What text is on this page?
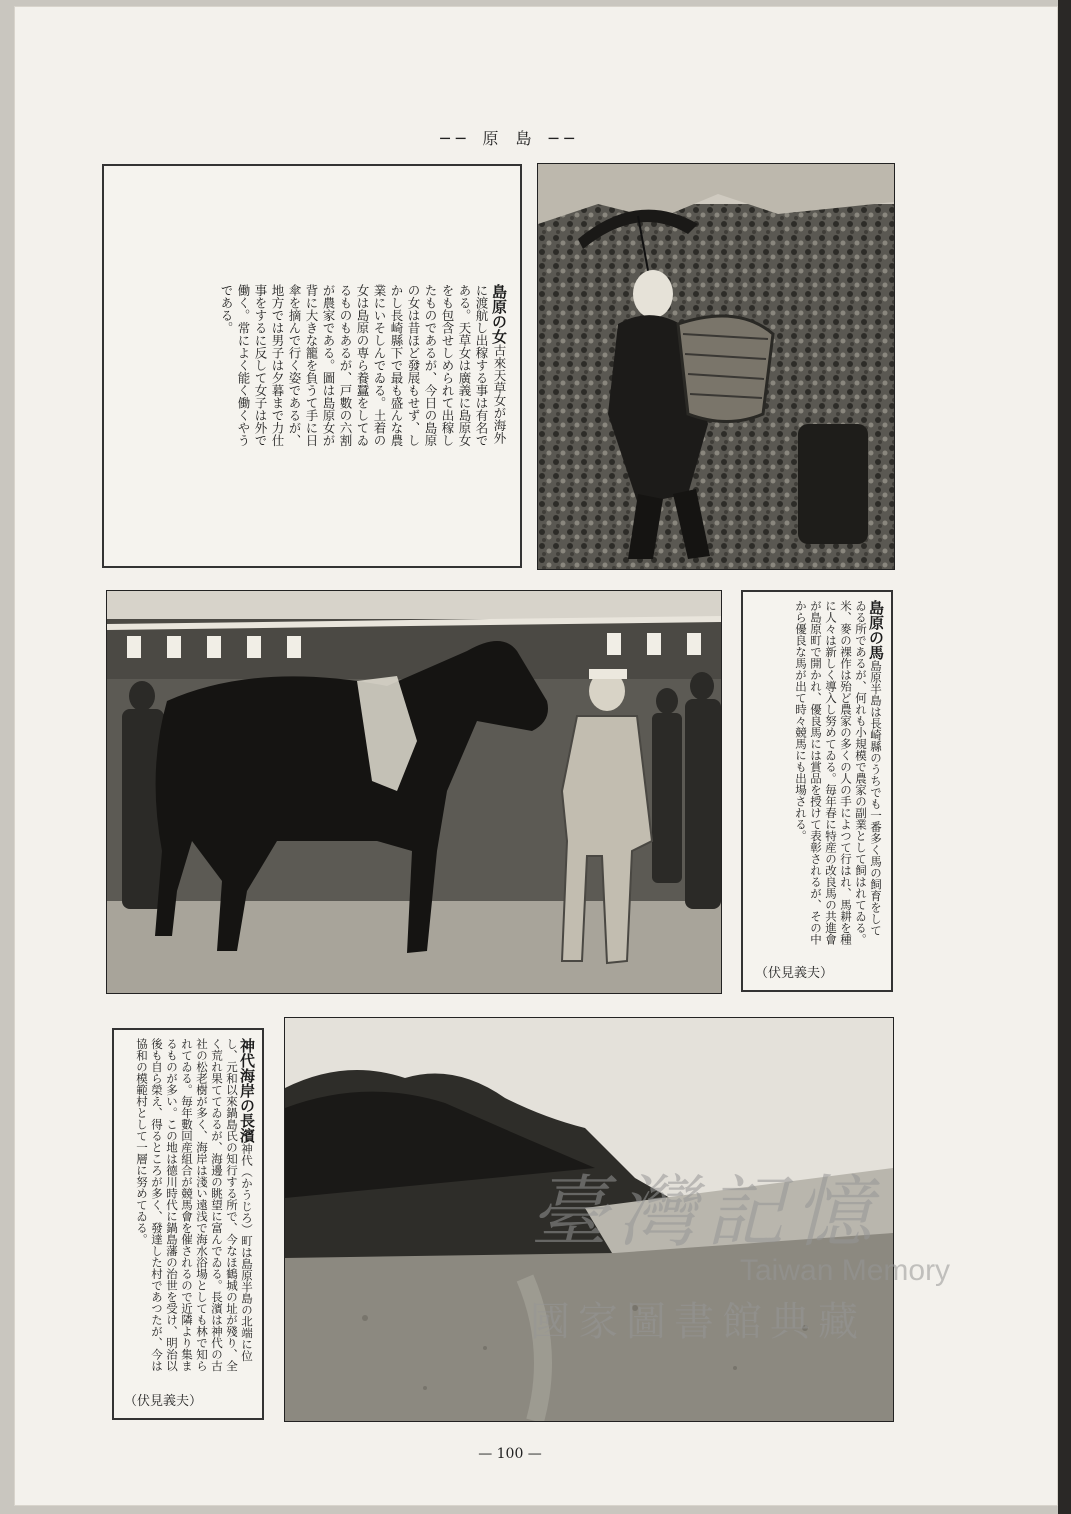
── 原 島 ──
島原の女古來天草女が海外に渡航し出稼する事は有名である。天草女は廣義に島原女をも包含せしめられて出稼したものであるが、今日の島原の女は昔ほど發展もせず、しかし長崎縣下で最も盛んな農業にいそしんでゐる。土着の女は島原の専ら養蠶をしてゐるものもあるが、戸數の六割が農家である。圖は島原女が背に大きな籠を負うて手に日傘を摘んで行く姿であるが、地方では男子は夕暮まで力仕事をするに反して女子は外で働く。常によく能く働くやうである。
島原の馬島原半島は長崎縣のうちでも一番多く馬の飼育をしてゐる所であるが、何れも小規模で農家の副業として飼はれてゐる。米、麥の裸作は殆ど農家の多くの人の手によつて行はれ、馬耕を種に人々は新しく導入し努めてゐる。毎年春に特産の改良馬の共進會が島原町で開かれ、優良馬には賞品を授けて表彰されるが、その中から優良な馬が出て時々競馬にも出場される。
（伏見義夫）
神代海岸の長濱神代（かうじろ）町は島原半島の北端に位し、元和以來鍋島氏の知行する所で、今なほ鶴城の址が殘り、全く荒れ果ててゐるが、海邊の眺望に富んでゐる。長濱は神代の古社の松老樹が多く、海岸は淺い遠浅で海水浴場としても林で知られてゐる。毎年數回産組合が競馬會を催されるので近隣より集まるものが多い。この地は德川時代に鍋島藩の治世を受け、明治以後も自ら榮え、得るところが多く、發達した村であつたが、今は協和の模範村として一層に努めてゐる。
（伏見義夫）
臺灣記憶
Taiwan Memory
國家圖書館典藏
— 100 —
